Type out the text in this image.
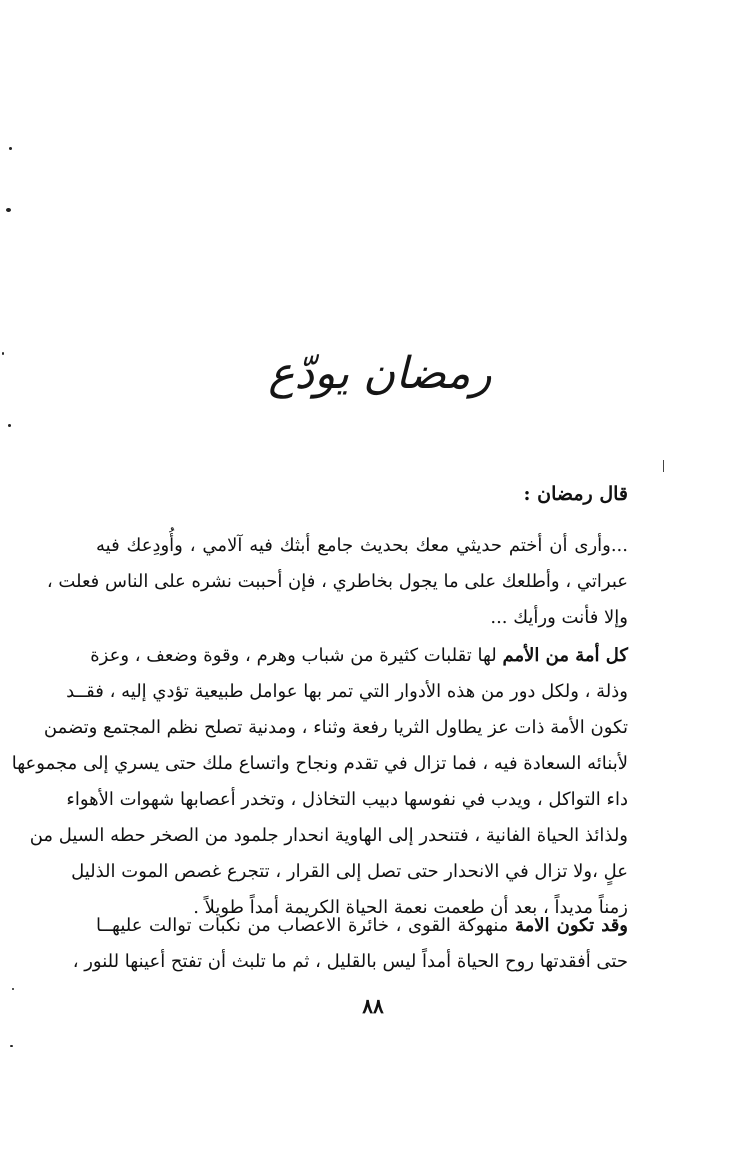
رمضان يودّع
قال رمضان :
...وأرى أن أختم حديثي معك بحديث جامع أبثك فيه آلامي ، وأُودِعك فيه
عبراتي ، وأطلعك على ما يجول بخاطري ، فإن أحببت نشره على الناس فعلت ،
وإلا فأنت ورأيك ...
كل أمة من الأمم لها تقلبات كثيرة من شباب وهرم ، وقوة وضعف ، وعزة
وذلة ، ولكل دور من هذه الأدوار التي تمر بها عوامل طبيعية تؤدي إليه ، فقــد
تكون الأمة ذات عز يطاول الثريا رفعة وثناء ، ومدنية تصلح نظم المجتمع وتضمن
لأبنائه السعادة فيه ، فما تزال في تقدم ونجاح واتساع ملك حتى يسري إلى مجموعها
داء التواكل ، ويدب في نفوسها دبيب التخاذل ، وتخدر أعصابها شهوات الأهواء
ولذائذ الحياة الفانية ، فتنحدر إلى الهاوية انحدار جلمود من الصخر حطه السيل من
علٍ ،ولا تزال في الانحدار حتى تصل إلى القرار ، تتجرع غصص الموت الذليل
زمناً مديداً ، بعد أن طعمت نعمة الحياة الكريمة أمداً طويلاً .
وقد تكون الامة منهوكة القوى ، خائرة الاعصاب من نكبات توالت عليهــا
حتى أفقدتها روح الحياة أمداً ليس بالقليل ، ثم ما تلبث أن تفتح أعينها للنور ،
٨٨
